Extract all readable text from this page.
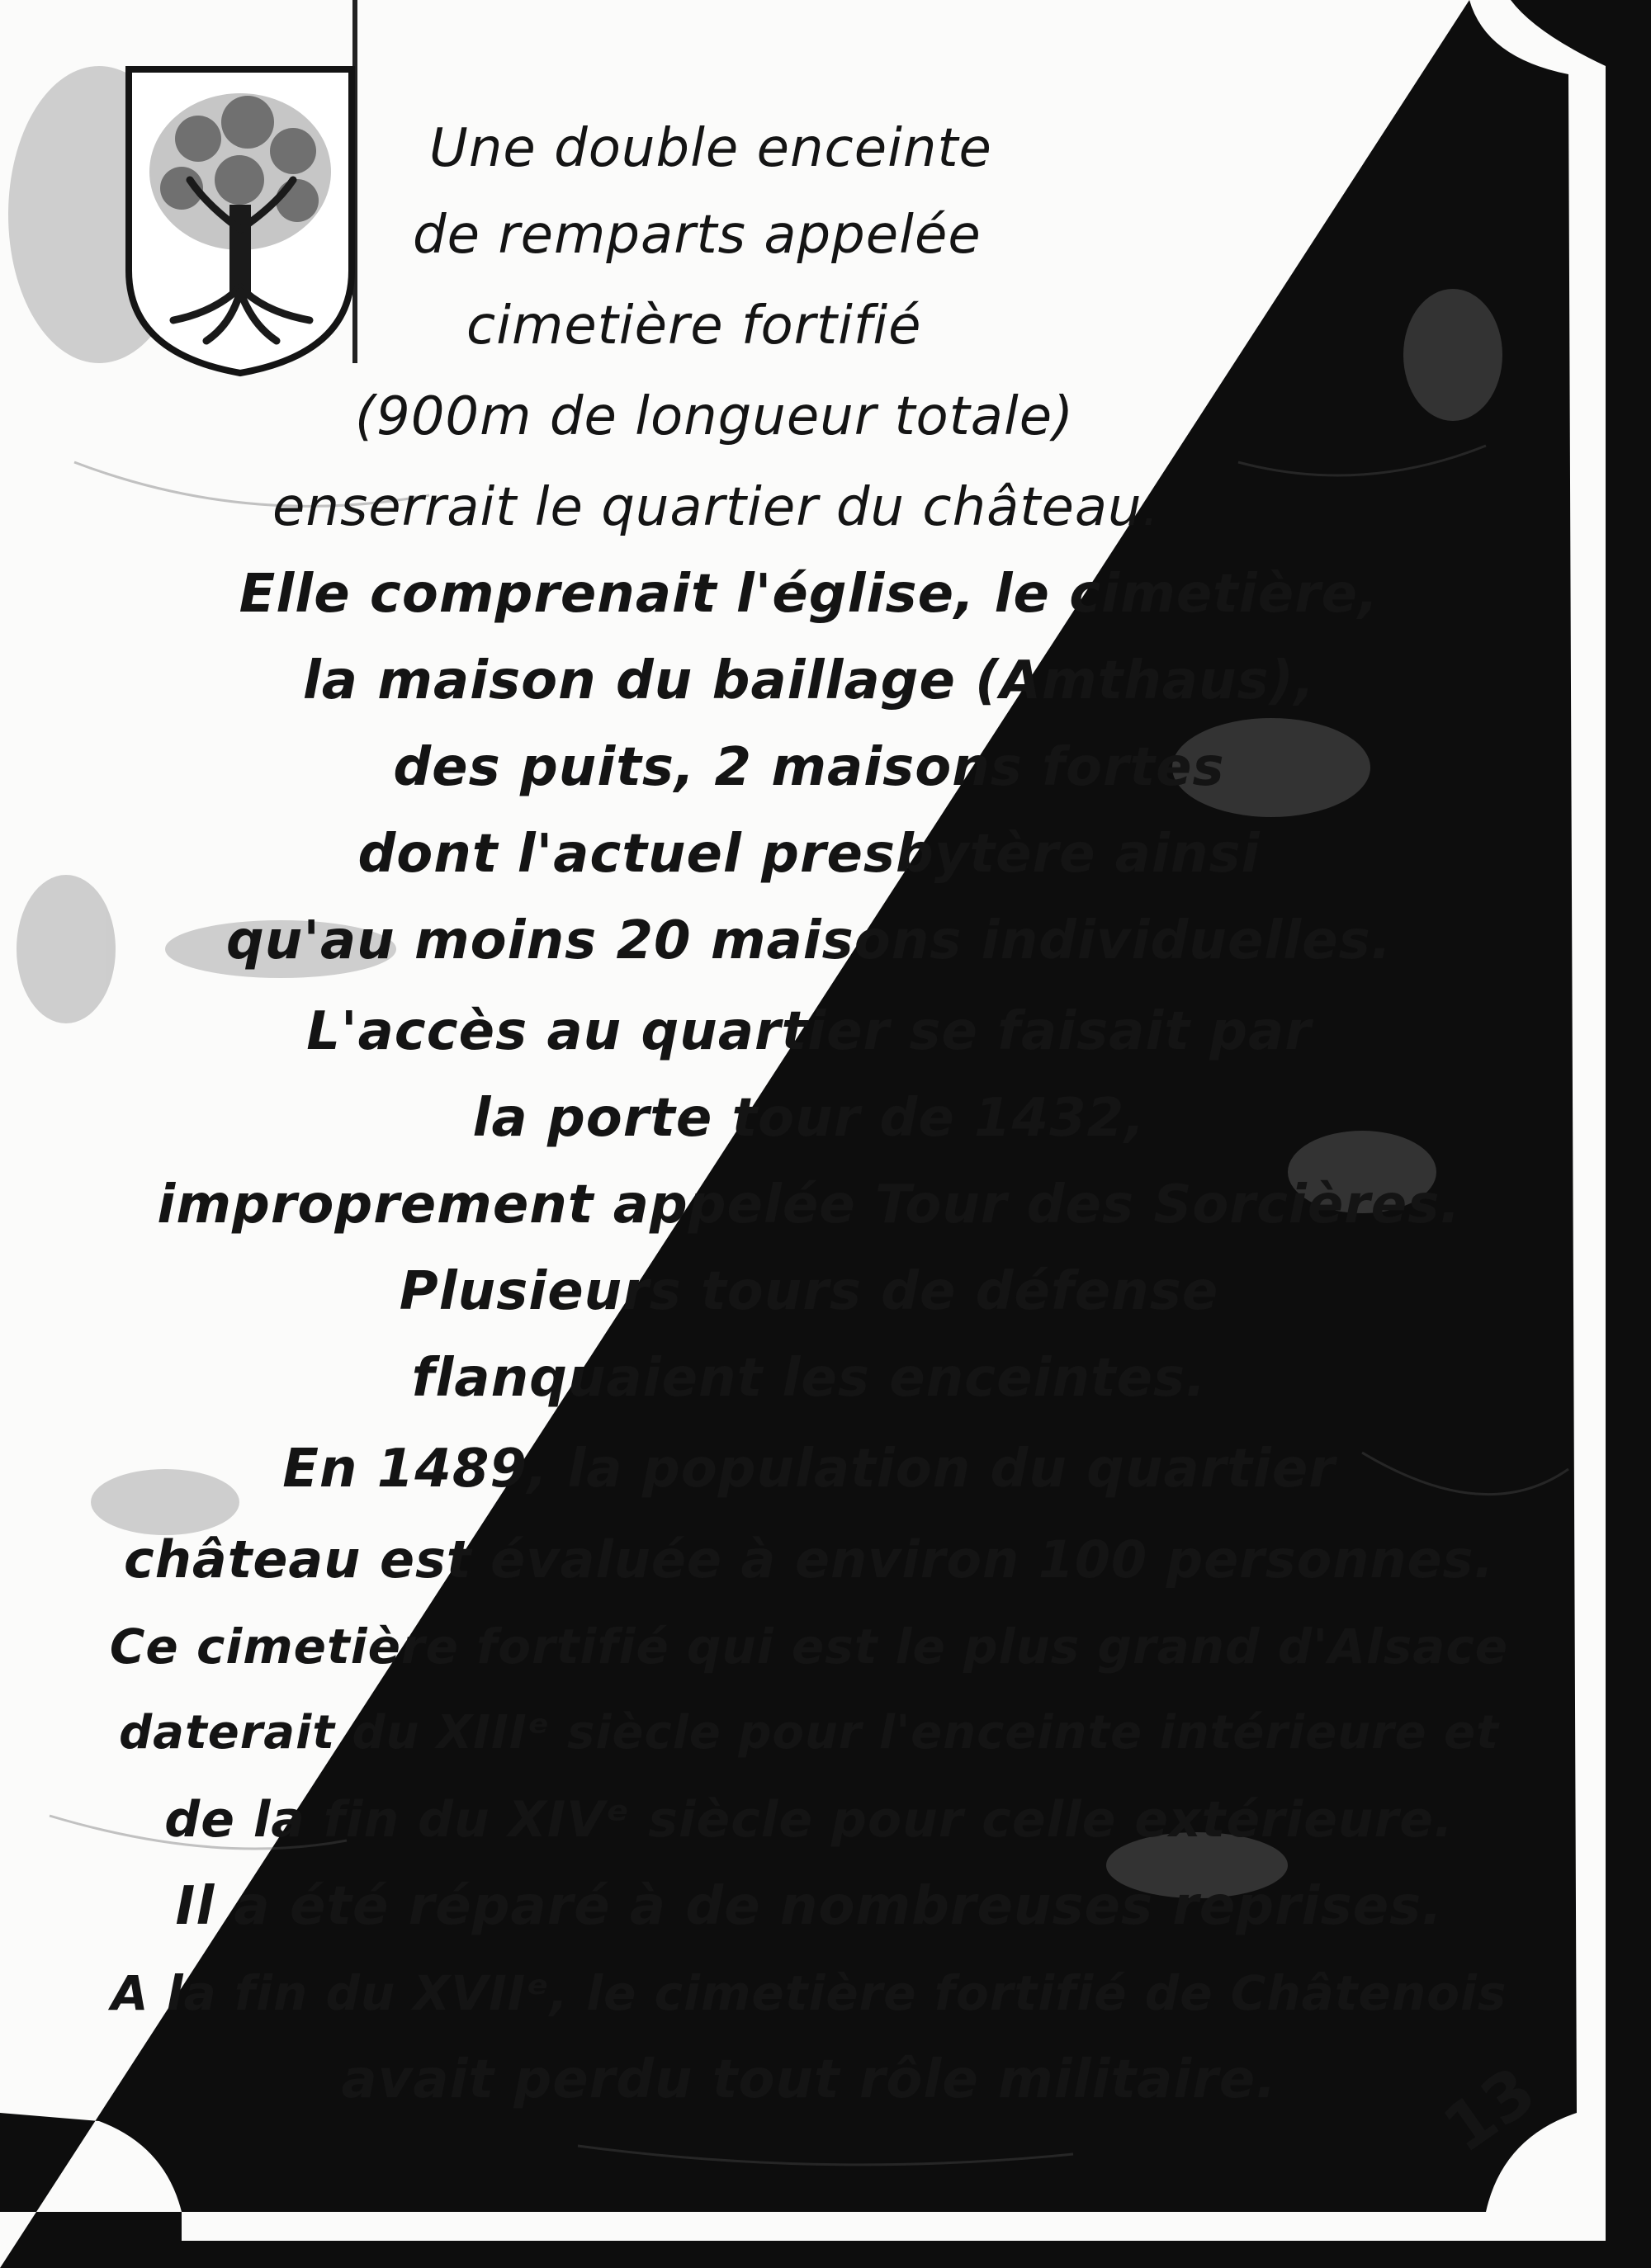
Une double enceinte

de remparts appelée

cimetière fortifié

(900m de longueur totale)

enserrait le quartier du château.

Elle comprenait l'église, le cimetière,

la maison du baillage (Amthaus),

des puits, 2 maisons fortes

dont l'actuel presbytère ainsi

qu'au moins 20 maisons individuelles.

L'accès au quartier se faisait par

la porte tour de 1432,

improprement appelée Tour des Sorcières.

Plusieurs tours de défense

flanquaient les enceintes.

En 1489, la population du quartier

château est évaluée à environ 100 personnes.

Ce cimetière fortifié qui est le plus grand d'Alsace

daterait du XIIIᵉ siècle pour l'enceinte intérieure et

de la fin du XIVᵉ siècle pour celle extérieure.

Il a été réparé à de nombreuses reprises.

A la fin du XVIIᵉ, le cimetière fortifié de Châtenois

avait perdu tout rôle militaire.	13
